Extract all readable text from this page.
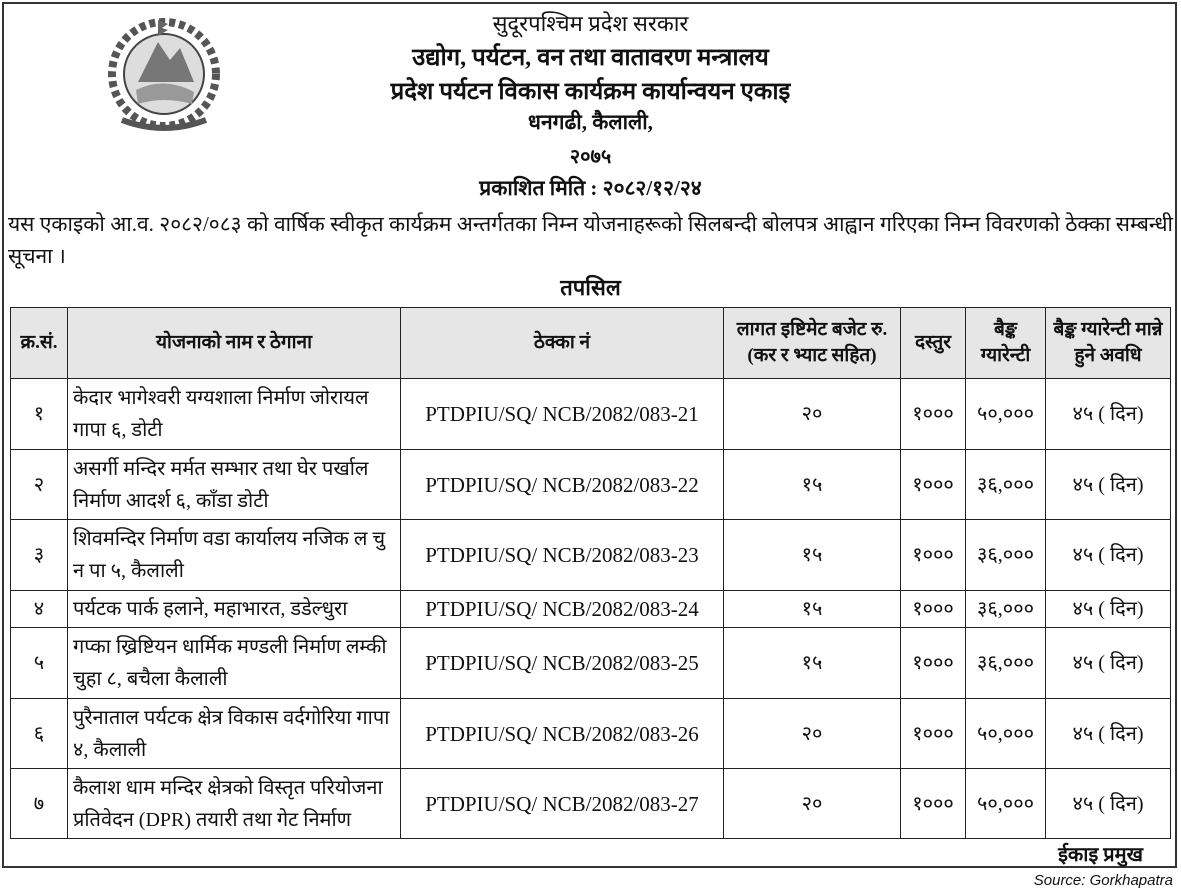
सुदूरपश्चिम प्रदेश सरकार
उद्योग, पर्यटन, वन तथा वातावरण मन्त्रालय
प्रदेश पर्यटन विकास कार्यक्रम कार्यान्वयन एकाइ
धनगढी, कैलाली,
२०७५
प्रकाशित मिति : २०८२/१२/२४
यस एकाइको आ.व. २०८२/०८३ को वार्षिक स्वीकृत कार्यक्रम अन्तर्गतका निम्न योजनाहरूको सिलबन्दी बोलपत्र आह्वान गरिएका निम्न विवरणको ठेक्का सम्बन्धी सूचना ।
तपसिल
क्र.सं.	योजनाको नाम र ठेगाना	ठेक्का नं	लागत इष्टिमेट बजेट रु.(कर र भ्याट सहित)	दस्तुर	बैङ्क ग्यारेन्टी	बैङ्क ग्यारेन्टी मान्ने हुने अवधि
१	केदार भागेश्वरी यग्यशाला निर्माण जोरायल गापा ६, डोटी	PTDPIU/SQ/ NCB/2082/083-21	२०	१०००	५०,०००	४५ ( दिन)
२	असर्गी मन्दिर मर्मत सम्भार तथा घेर पर्खाल निर्माण आदर्श ६, काँडा डोटी	PTDPIU/SQ/ NCB/2082/083-22	१५	१०००	३६,०००	४५ ( दिन)
३	शिवमन्दिर निर्माण वडा कार्यालय नजिक ल चु न पा ५, कैलाली	PTDPIU/SQ/ NCB/2082/083-23	१५	१०००	३६,०००	४५ ( दिन)
४	पर्यटक पार्क हलाने, महाभारत, डडेल्धुरा	PTDPIU/SQ/ NCB/2082/083-24	१५	१०००	३६,०००	४५ ( दिन)
५	गप्का ख्रिष्टियन धार्मिक मण्डली निर्माण लम्की चुहा ८, बचैला कैलाली	PTDPIU/SQ/ NCB/2082/083-25	१५	१०००	३६,०००	४५ ( दिन)
६	पुरैनाताल पर्यटक क्षेत्र विकास वर्दगोरिया गापा ४, कैलाली	PTDPIU/SQ/ NCB/2082/083-26	२०	१०००	५०,०००	४५ ( दिन)
७	कैलाश धाम मन्दिर क्षेत्रको विस्तृत परियोजना प्रतिवेदन (DPR) तयारी तथा गेट निर्माण	PTDPIU/SQ/ NCB/2082/083-27	२०	१०००	५०,०००	४५ ( दिन)
ईकाइ प्रमुख
Source: Gorkhapatra
